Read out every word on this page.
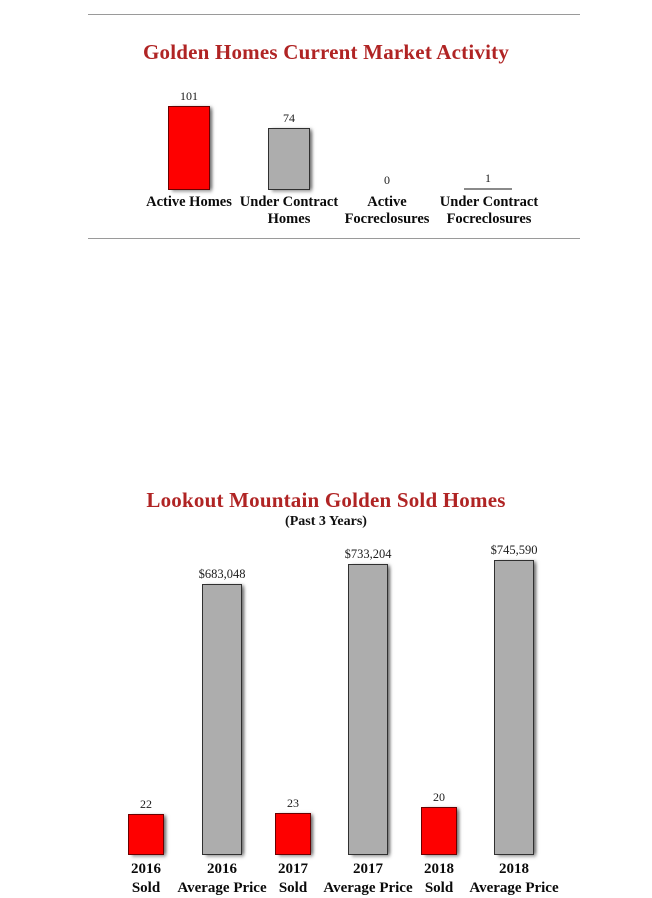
Golden Homes Current Market Activity
101
74
0	1
Active Homes Under Contract
Homes
Active
Focreclosures
Under Contract
Focreclosures
Lookout Mountain Golden Sold Homes
(Past 3 Years)
22
$683,048
23
$733,204
20
$745,590
2016
Sold
2016
Average Price
2017
Sold
2017
Average Price
2018
Sold
2018
Average Price
